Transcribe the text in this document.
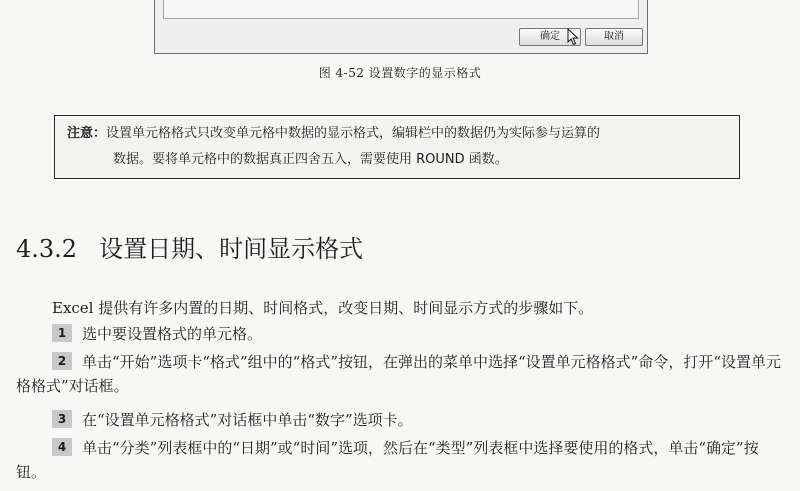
确定	取消
图 4-52 设置数字的显示格式
注意：设置单元格格式只改变单元格中数据的显示格式，编辑栏中的数据仍为实际参与运算的
数据。要将单元格中的数据真正四舍五入，需要使用 ROUND 函数。
4.3.2 设置日期、时间显示格式
Excel 提供有许多内置的日期、时间格式，改变日期、时间显示方式的步骤如下。
1 选中要设置格式的单元格。
2 单击“开始”选项卡“格式”组中的“格式”按钮，在弹出的菜单中选择“设置单元格格式”命令，打开“设置单元格格式”对话框。
3 在“设置单元格格式”对话框中单击“数字”选项卡。
4 单击“分类”列表框中的“日期”或“时间”选项，然后在“类型”列表框中选择要使用的格式，单击“确定”按钮。
